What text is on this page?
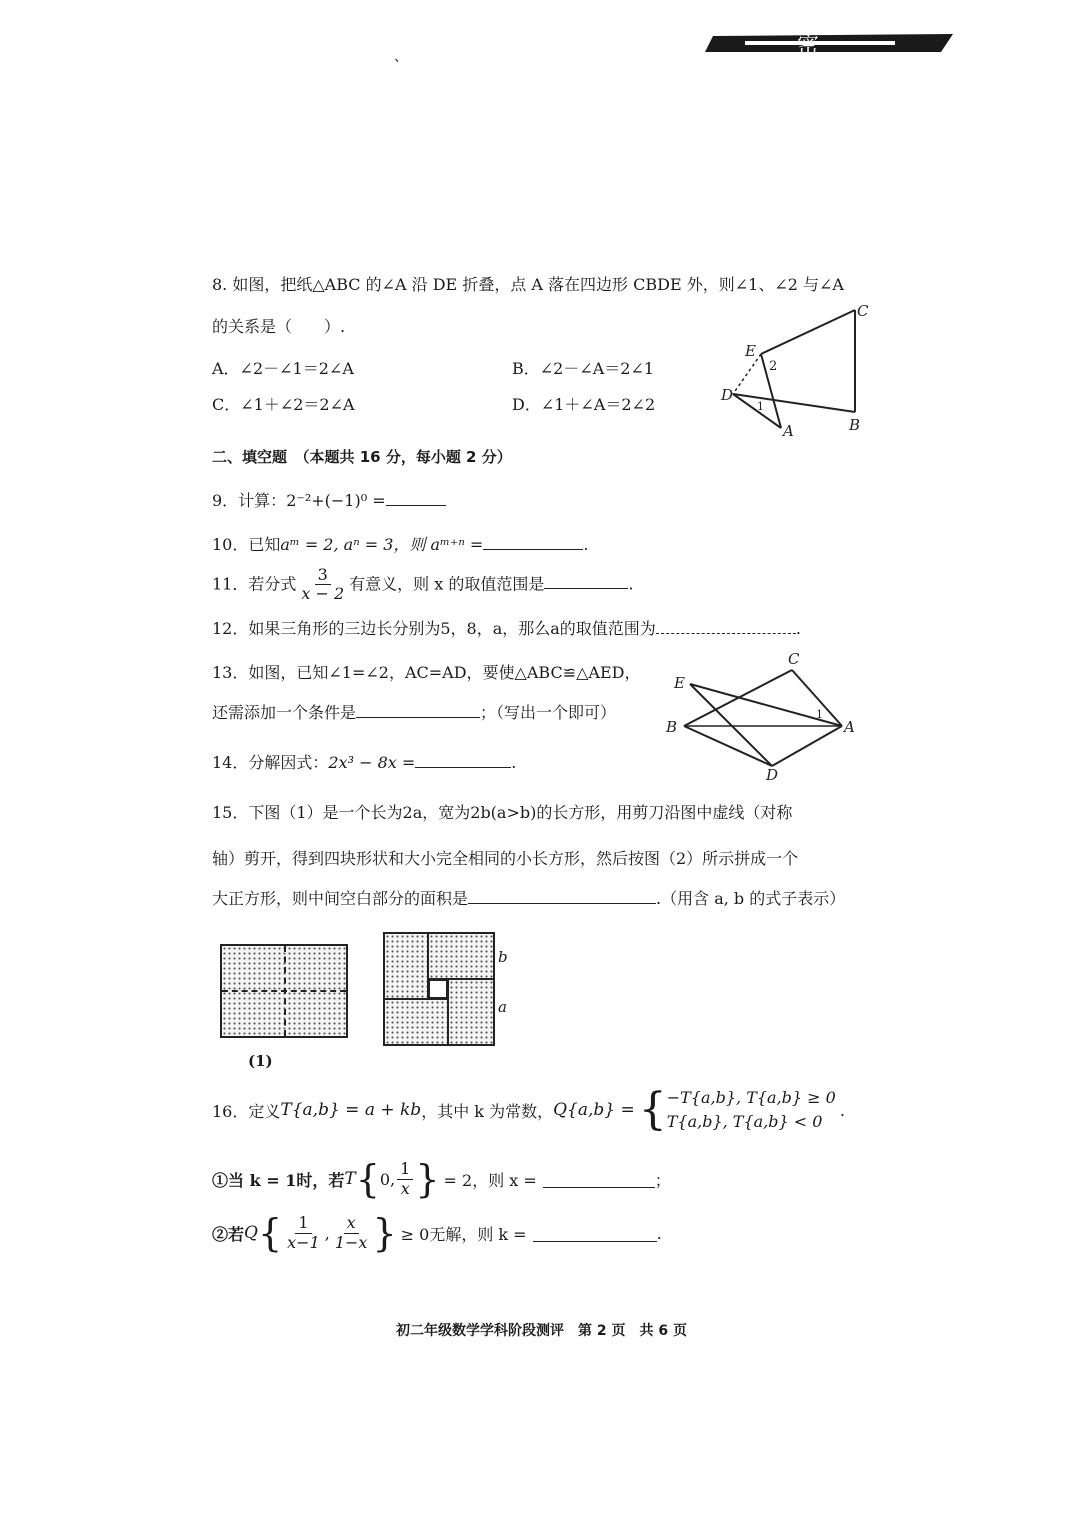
密
、
8. 如图，把纸△ABC 的∠A 沿 DE 折叠，点 A 落在四边形 CBDE 外，则∠1、∠2 与∠A
的关系是（　　）.
A．∠2－∠1＝2∠A	B．∠2－∠A＝2∠1
C．∠1＋∠2＝2∠A	D．∠1＋∠A＝2∠2
C
E
2
D
1
A	B
二、填空题　（本题共 16 分，每小题 2 分）
9．计算：2⁻²+(−1)⁰ =
10．已知aᵐ = 2, aⁿ = 3，则 aᵐ⁺ⁿ =	.
11．若分式 $\frac{3}{x - 2}$ 有意义，则 x 的取值范围是	.
12．如果三角形的三边长分别为5，8，a，那么a的取值范围为	.
13．如图，已知∠1=∠2，AC=AD，要使△ABC≌△AED，
还需添加一个条件是	；（写出一个即可）
C
E
B
1
A
D
14．分解因式：2x³ − 8x =	.
15．下图（1）是一个长为2a，宽为2b(a>b)的长方形，用剪刀沿图中虚线（对称
轴）剪开，得到四块形状和大小完全相同的小长方形，然后按图（2）所示拼成一个
大正方形，则中间空白部分的面积是	.（用含 a, b 的式子表示）
(1)
b
a
16．定义 T{a,b} = a + kb ，其中 k 为常数， Q{a,b} = { −T{a,b}, T{a,b} ≥ 0
T{a,b}, T{a,b} < 0
.
①当 k = 1时，若 T { 0, $\frac{1}{x}$ } = 2，则 x =	；
②若 Q { $\frac{1}{x-1}$ , $\frac{x}{1-x}$ } ≥ 0无解，则 k =	.
初二年级数学学科阶段测评　第 2 页　共 6 页
